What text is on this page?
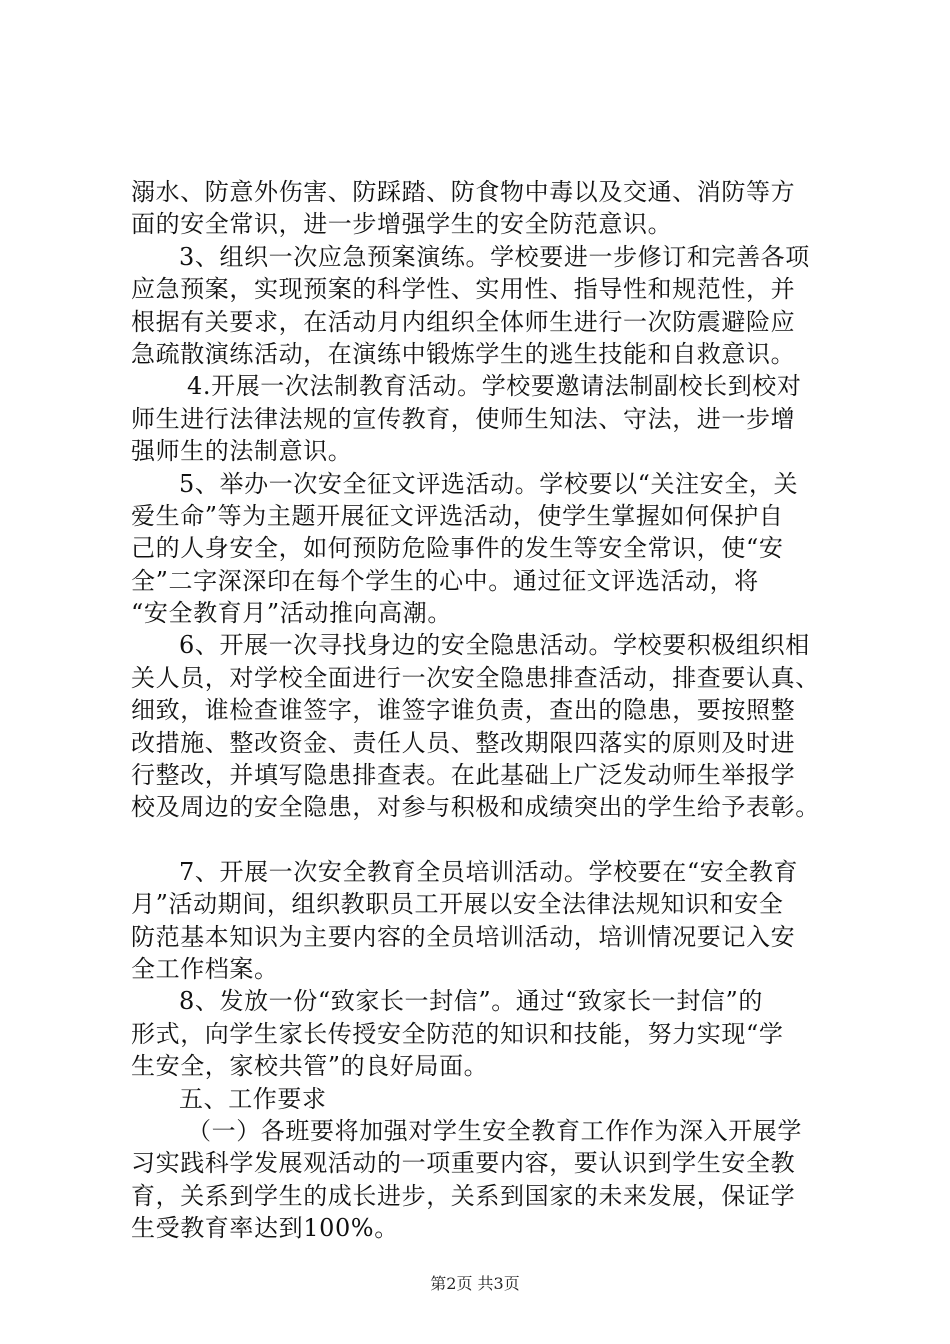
溺水、防意外伤害、防踩踏、防食物中毒以及交通、消防等方
面的安全常识，进一步增强学生的安全防范意识。
3、组织一次应急预案演练。学校要进一步修订和完善各项
应急预案，实现预案的科学性、实用性、指导性和规范性，并
根据有关要求，在活动月内组织全体师生进行一次防震避险应
急疏散演练活动，在演练中锻炼学生的逃生技能和自救意识。
4.开展一次法制教育活动。学校要邀请法制副校长到校对
师生进行法律法规的宣传教育，使师生知法、守法，进一步增
强师生的法制意识。
5、举办一次安全征文评选活动。学校要以“关注安全，关
爱生命”等为主题开展征文评选活动，使学生掌握如何保护自
己的人身安全，如何预防危险事件的发生等安全常识，使“安
全”二字深深印在每个学生的心中。通过征文评选活动，将
“安全教育月”活动推向高潮。
6、开展一次寻找身边的安全隐患活动。学校要积极组织相
关人员，对学校全面进行一次安全隐患排查活动，排查要认真、
细致，谁检查谁签字，谁签字谁负责，查出的隐患，要按照整
改措施、整改资金、责任人员、整改期限四落实的原则及时进
行整改，并填写隐患排查表。在此基础上广泛发动师生举报学
校及周边的安全隐患，对参与积极和成绩突出的学生给予表彰。
7、开展一次安全教育全员培训活动。学校要在“安全教育
月”活动期间，组织教职员工开展以安全法律法规知识和安全
防范基本知识为主要内容的全员培训活动，培训情况要记入安
全工作档案。
8、发放一份“致家长一封信”。通过“致家长一封信”的
形式，向学生家长传授安全防范的知识和技能，努力实现“学
生安全，家校共管”的良好局面。
五、工作要求
（一）各班要将加强对学生安全教育工作作为深入开展学
习实践科学发展观活动的一项重要内容，要认识到学生安全教
育，关系到学生的成长进步，关系到国家的未来发展，保证学
生受教育率达到100%。
第2页 共3页
